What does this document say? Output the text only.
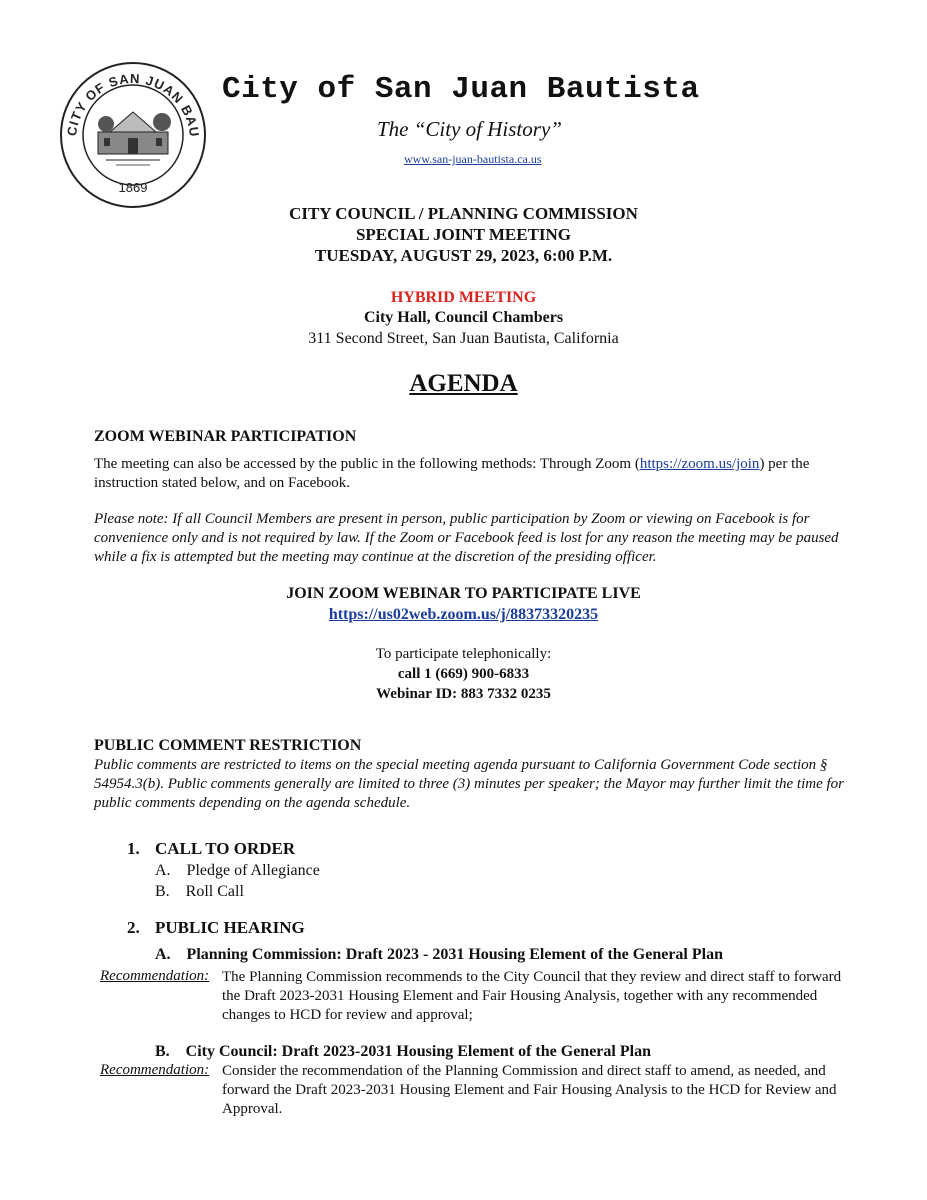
CITY OF SAN JUAN BAU
1869
City of San Juan Bautista
The “City of History”
www.san-juan-bautista.ca.us
CITY COUNCIL / PLANNING COMMISSION
SPECIAL JOINT MEETING
TUESDAY, AUGUST 29, 2023, 6:00 P.M.
HYBRID MEETING
City Hall, Council Chambers
311 Second Street, San Juan Bautista, California
AGENDA
ZOOM WEBINAR PARTICIPATION
The meeting can also be accessed by the public in the following methods: Through Zoom (https://zoom.us/join) per the instruction stated below, and on Facebook.
Please note: If all Council Members are present in person, public participation by Zoom or viewing on Facebook is for convenience only and is not required by law. If the Zoom or Facebook feed is lost for any reason the meeting may be paused while a fix is attempted but the meeting may continue at the discretion of the presiding officer.
JOIN ZOOM WEBINAR TO PARTICIPATE LIVE
https://us02web.zoom.us/j/88373320235
To participate telephonically:
call 1 (669) 900-6833
Webinar ID: 883 7332 0235
PUBLIC COMMENT RESTRICTION
Public comments are restricted to items on the special meeting agenda pursuant to California Government Code section § 54954.3(b). Public comments generally are limited to three (3) minutes per speaker; the Mayor may further limit the time for public comments depending on the agenda schedule.
1. CALL TO ORDER
A. Pledge of Allegiance
B. Roll Call
2. PUBLIC HEARING
A. Planning Commission: Draft 2023 - 2031 Housing Element of the General Plan
Recommendation: The Planning Commission recommends to the City Council that they review and direct staff to forward the Draft 2023-2031 Housing Element and Fair Housing Analysis, together with any recommended changes to HCD for review and approval;
B. City Council: Draft 2023-2031 Housing Element of the General Plan
Recommendation: Consider the recommendation of the Planning Commission and direct staff to amend, as needed, and forward the Draft 2023-2031 Housing Element and Fair Housing Analysis to the HCD for Review and Approval.
